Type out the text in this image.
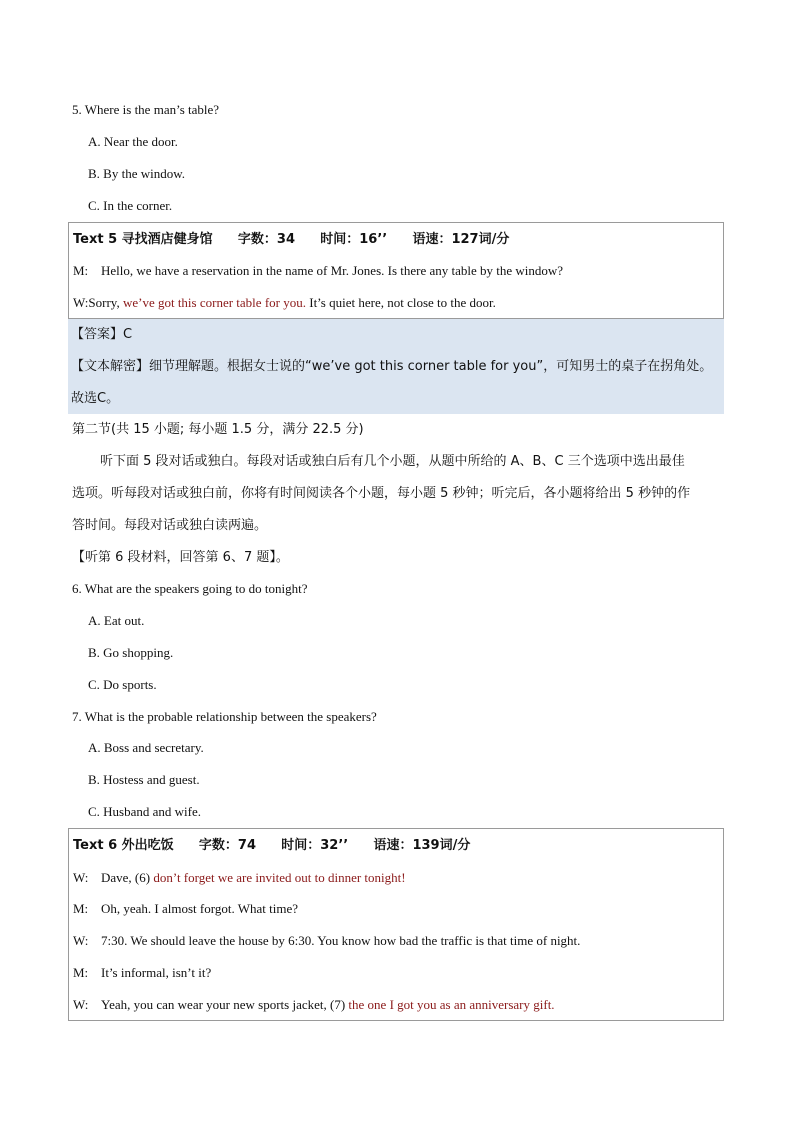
5. Where is the man’s table?
A. Near the door.
B. By the window.
C. In the corner.
Text 5 寻找酒店健身馆 字数：34 时间：16’’ 语速：127词/分
M: Hello, we have a reservation in the name of Mr. Jones. Is there any table by the window?
W:Sorry, we’ve got this corner table for you. It’s quiet here, not close to the door.
【答案】C
【文本解密】细节理解题。根据女士说的“we’ve got this corner table for you”，可知男士的桌子在拐角处。
故选C。
第二节(共 15 小题; 每小题 1.5 分，满分 22.5 分)
听下面 5 段对话或独白。每段对话或独白后有几个小题，从题中所给的 A、B、C 三个选项中选出最佳
选项。听每段对话或独白前，你将有时间阅读各个小题，每小题 5 秒钟；听完后，各小题将给出 5 秒钟的作
答时间。每段对话或独白读两遍。
【听第 6 段材料，回答第 6、7 题】。
6. What are the speakers going to do tonight?
A. Eat out.
B. Go shopping.
C. Do sports.
7. What is the probable relationship between the speakers?
A. Boss and secretary.
B. Hostess and guest.
C. Husband and wife.
Text 6 外出吃饭 字数：74 时间：32’’ 语速：139词/分
W: Dave, (6) don’t forget we are invited out to dinner tonight!
M: Oh, yeah. I almost forgot. What time?
W: 7:30. We should leave the house by 6:30. You know how bad the traffic is that time of night.
M: It’s informal, isn’t it?
W: Yeah, you can wear your new sports jacket, (7) the one I got you as an anniversary gift.
